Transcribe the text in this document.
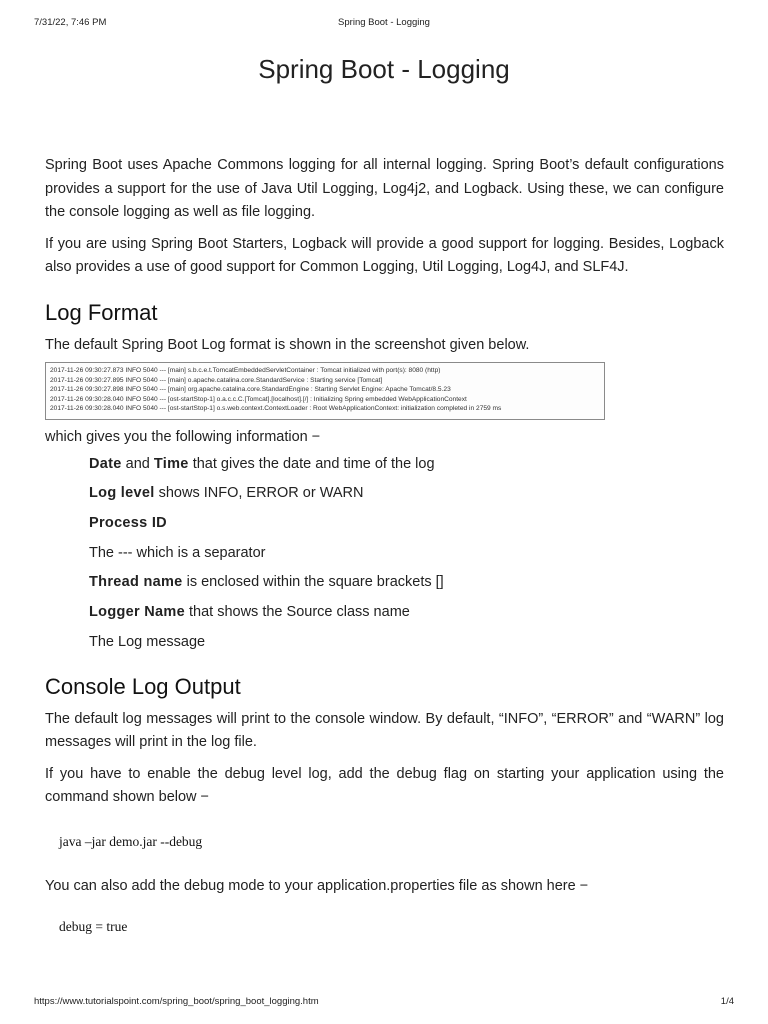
7/31/22, 7:46 PM	Spring Boot - Logging
Spring Boot - Logging

Spring Boot uses Apache Commons logging for all internal logging. Spring Boot’s default configurations provides a support for the use of Java Util Logging, Log4j2, and Logback. Using these, we can configure the console logging as well as file logging.

If you are using Spring Boot Starters, Logback will provide a good support for logging. Besides, Logback also provides a use of good support for Common Logging, Util Logging, Log4J, and SLF4J.

Log Format

The default Spring Boot Log format is shown in the screenshot given below.

2017-11-26 09:30:27.873 INFO 5040 --- [main] s.b.c.e.t.TomcatEmbeddedServletContainer : Tomcat initialized with port(s): 8080 (http)
2017-11-26 09:30:27.895 INFO 5040 --- [main] o.apache.catalina.core.StandardService : Starting service [Tomcat]
2017-11-26 09:30:27.898 INFO 5040 --- [main] org.apache.catalina.core.StandardEngine : Starting Servlet Engine: Apache Tomcat/8.5.23
2017-11-26 09:30:28.040 INFO 5040 --- [ost-startStop-1] o.a.c.c.C.[Tomcat].[localhost].[/] : Initializing Spring embedded WebApplicationContext
2017-11-26 09:30:28.040 INFO 5040 --- [ost-startStop-1] o.s.web.context.ContextLoader : Root WebApplicationContext: initialization completed in 2759 ms

which gives you the following information −

Date and Time that gives the date and time of the log
Log level shows INFO, ERROR or WARN
Process ID
The --- which is a separator
Thread name is enclosed within the square brackets []
Logger Name that shows the Source class name
The Log message
Console Log Output

The default log messages will print to the console window. By default, “INFO”, “ERROR” and “WARN” log messages will print in the log file.

If you have to enable the debug level log, add the debug flag on starting your application using the command shown below −

java –jar demo.jar --debug

You can also add the debug mode to your application.properties file as shown here −

debug = true
https://www.tutorialspoint.com/spring_boot/spring_boot_logging.htm	1/4
